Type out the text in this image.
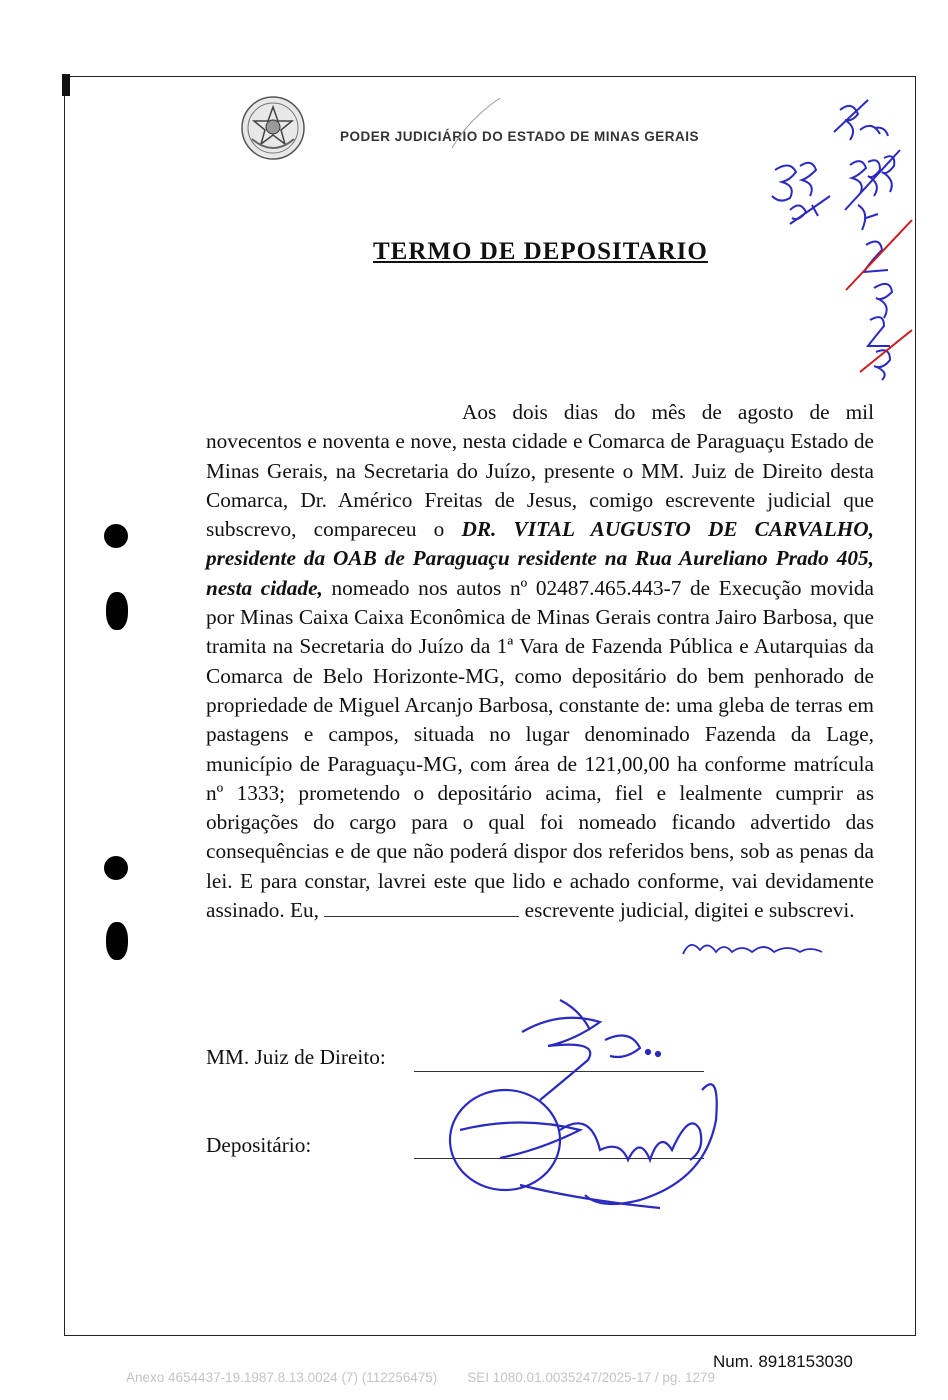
PODER JUDICIÁRIO DO ESTADO DE MINAS GERAIS
TERMO DE DEPOSITARIO
Aos dois dias do mês de agosto de mil novecentos e noventa e nove, nesta cidade e Comarca de Paraguaçu Estado de Minas Gerais, na Secretaria do Juízo, presente o MM. Juiz de Direito desta Comarca, Dr. Américo Freitas de Jesus, comigo escrevente judicial que subscrevo, compareceu o DR. VITAL AUGUSTO DE CARVALHO, presidente da OAB de Paraguaçu residente na Rua Aureliano Prado 405, nesta cidade, nomeado nos autos nº 02487.465.443-7 de Execução movida por Minas Caixa Caixa Econômica de Minas Gerais contra Jairo Barbosa, que tramita na Secretaria do Juízo da 1ª Vara de Fazenda Pública e Autarquias da Comarca de Belo Horizonte-MG, como depositário do bem penhorado de propriedade de Miguel Arcanjo Barbosa, constante de: uma gleba de terras em pastagens e campos, situada no lugar denominado Fazenda da Lage, município de Paraguaçu-MG, com área de 121,00,00 ha conforme matrícula nº 1333; prometendo o depositário acima, fiel e lealmente cumprir as obrigações do cargo para o qual foi nomeado ficando advertido das consequências e de que não poderá dispor dos referidos bens, sob as penas da lei. E para constar, lavrei este que lido e achado conforme, vai devidamente assinado. Eu,	escrevente judicial, digitei e subscrevi.
MM. Juiz de Direito:
Depositário:
Num. 8918153030
Anexo 4654437-19.1987.8.13.0024 (7) (112256475) SEI 1080.01.0035247/2025-17 / pg. 1279
